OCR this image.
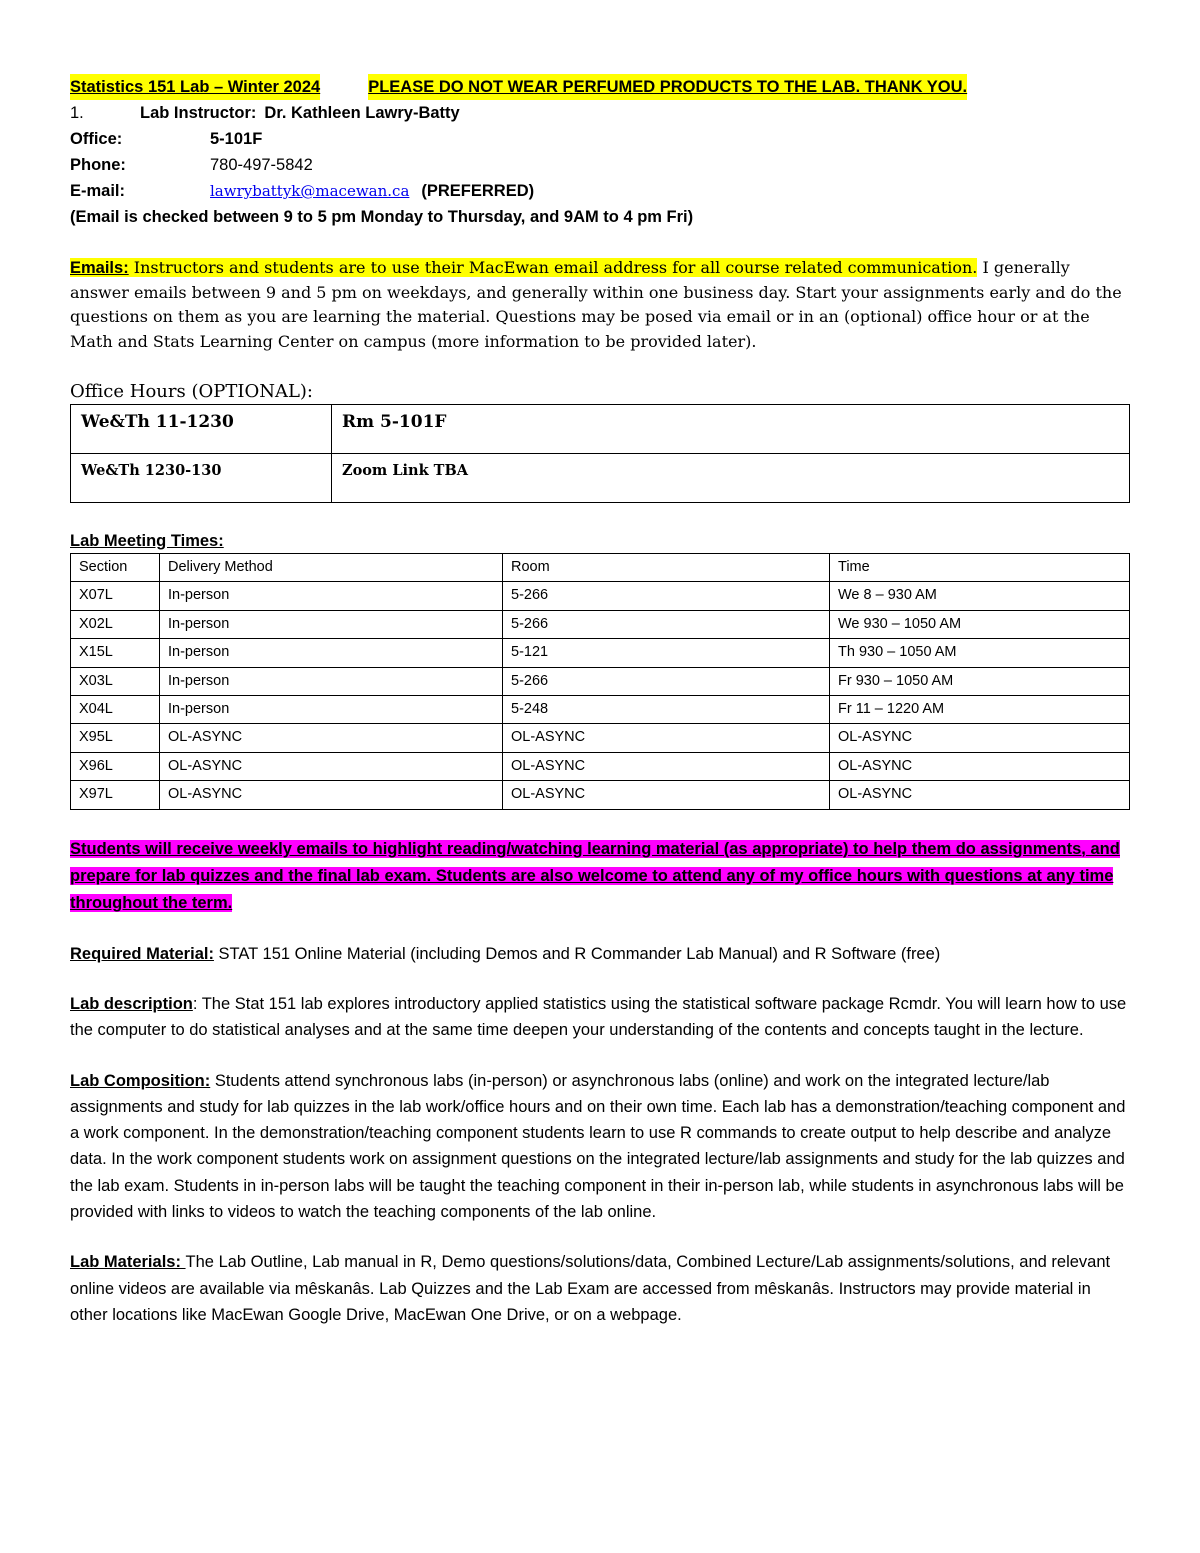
Statistics 151 Lab – Winter 2024	PLEASE DO NOT WEAR PERFUMED PRODUCTS TO THE LAB. THANK YOU.
1.	Lab Instructor: Dr. Kathleen Lawry-Batty
Office:	5-101F
Phone:	780-497-5842
E-mail:	lawrybattyk@macewan.ca (PREFERRED)
(Email is checked between 9 to 5 pm Monday to Thursday, and 9AM to 4 pm Fri)
Emails: Instructors and students are to use their MacEwan email address for all course related communication. I generally answer emails between 9 and 5 pm on weekdays, and generally within one business day. Start your assignments early and do the questions on them as you are learning the material. Questions may be posed via email or in an (optional) office hour or at the Math and Stats Learning Center on campus (more information to be provided later).
Office Hours (OPTIONAL):
We&Th 11-1230	Rm 5-101F
We&Th 1230-130	Zoom Link TBA
Lab Meeting Times:
Section	Delivery Method	Room	Time
X07L	In-person	5-266	We 8 – 930 AM
X02L	In-person	5-266	We 930 – 1050 AM
X15L	In-person	5-121	Th 930 – 1050 AM
X03L	In-person	5-266	Fr 930 – 1050 AM
X04L	In-person	5-248	Fr 11 – 1220 AM
X95L	OL-ASYNC	OL-ASYNC	OL-ASYNC
X96L	OL-ASYNC	OL-ASYNC	OL-ASYNC
X97L	OL-ASYNC	OL-ASYNC	OL-ASYNC
Students will receive weekly emails to highlight reading/watching learning material (as appropriate) to help them do assignments, and prepare for lab quizzes and the final lab exam. Students are also welcome to attend any of my office hours with questions at any time throughout the term.
Required Material: STAT 151 Online Material (including Demos and R Commander Lab Manual) and R Software (free)
Lab description: The Stat 151 lab explores introductory applied statistics using the statistical software package Rcmdr. You will learn how to use the computer to do statistical analyses and at the same time deepen your understanding of the contents and concepts taught in the lecture.
Lab Composition: Students attend synchronous labs (in-person) or asynchronous labs (online) and work on the integrated lecture/lab assignments and study for lab quizzes in the lab work/office hours and on their own time. Each lab has a demonstration/teaching component and a work component. In the demonstration/teaching component students learn to use R commands to create output to help describe and analyze data. In the work component students work on assignment questions on the integrated lecture/lab assignments and study for the lab quizzes and the lab exam. Students in in-person labs will be taught the teaching component in their in-person lab, while students in asynchronous labs will be provided with links to videos to watch the teaching components of the lab online.
Lab Materials: The Lab Outline, Lab manual in R, Demo questions/solutions/data, Combined Lecture/Lab assignments/solutions, and relevant online videos are available via mêskanâs. Lab Quizzes and the Lab Exam are accessed from mêskanâs. Instructors may provide material in other locations like MacEwan Google Drive, MacEwan One Drive, or on a webpage.
